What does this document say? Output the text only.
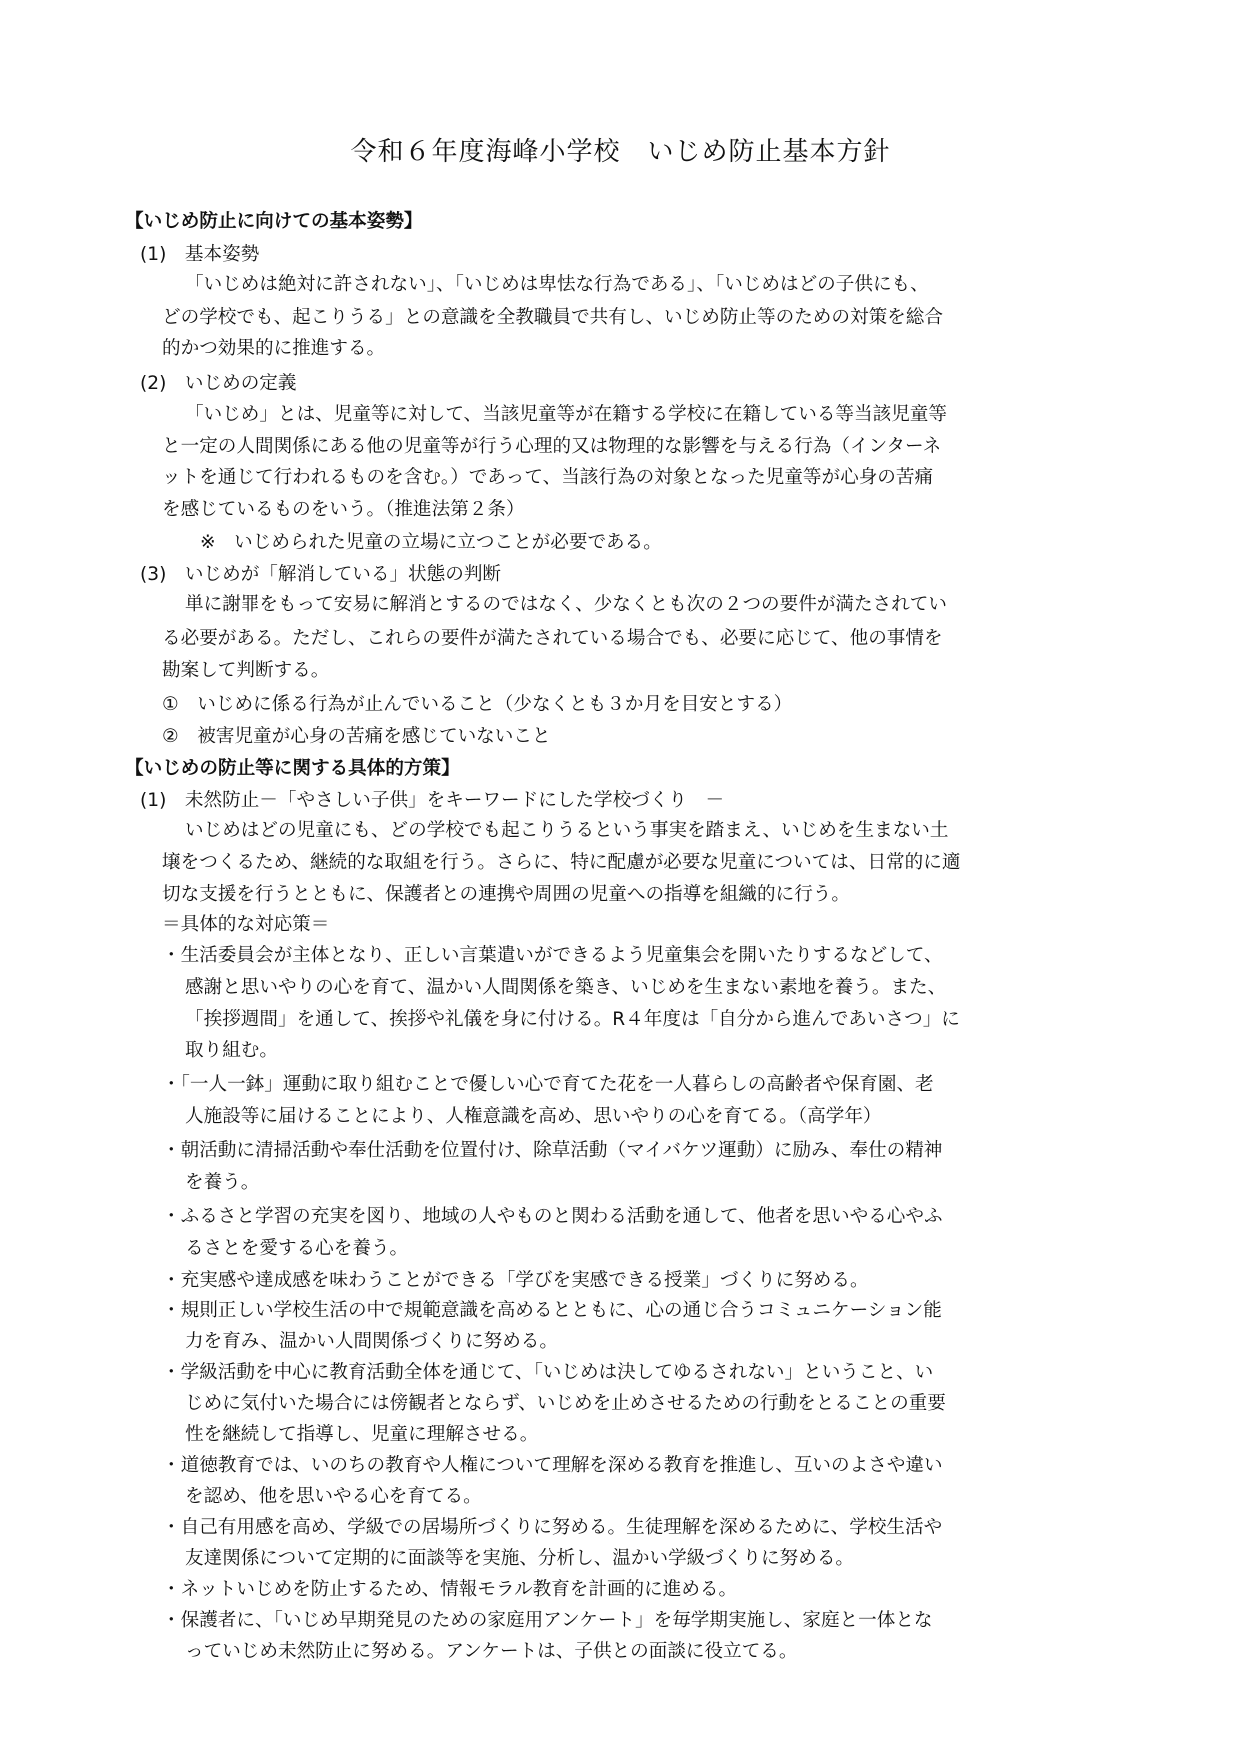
令和６年度海峰小学校　いじめ防止基本方針
【いじめ防止に向けての基本姿勢】
(1)　基本姿勢
「いじめは絶対に許されない」、「いじめは卑怯な行為である」、「いじめはどの子供にも、
どの学校でも、起こりうる」との意識を全教職員で共有し、いじめ防止等のための対策を総合
的かつ効果的に推進する。
(2)　いじめの定義
「いじめ」とは、児童等に対して、当該児童等が在籍する学校に在籍している等当該児童等
と一定の人間関係にある他の児童等が行う心理的又は物理的な影響を与える行為（インターネ
ットを通じて行われるものを含む。）であって、当該行為の対象となった児童等が心身の苦痛
を感じているものをいう。（推進法第２条）
※　いじめられた児童の立場に立つことが必要である。
(3)　いじめが「解消している」状態の判断
単に謝罪をもって安易に解消とするのではなく、少なくとも次の２つの要件が満たされてい
る必要がある。ただし、これらの要件が満たされている場合でも、必要に応じて、他の事情を
勘案して判断する。
①　いじめに係る行為が止んでいること（少なくとも３か月を目安とする）
②　被害児童が心身の苦痛を感じていないこと
【いじめの防止等に関する具体的方策】
(1)　未然防止－「やさしい子供」をキーワードにした学校づくり　－
いじめはどの児童にも、どの学校でも起こりうるという事実を踏まえ、いじめを生まない土
壌をつくるため、継続的な取組を行う。さらに、特に配慮が必要な児童については、日常的に適
切な支援を行うとともに、保護者との連携や周囲の児童への指導を組織的に行う。
＝具体的な対応策＝
・生活委員会が主体となり、正しい言葉遣いができるよう児童集会を開いたりするなどして、
感謝と思いやりの心を育て、温かい人間関係を築き、いじめを生まない素地を養う。また、
「挨拶週間」を通して、挨拶や礼儀を身に付ける。R４年度は「自分から進んであいさつ」に
取り組む。
・「一人一鉢」運動に取り組むことで優しい心で育てた花を一人暮らしの高齢者や保育園、老
人施設等に届けることにより、人権意識を高め、思いやりの心を育てる。（高学年）
・朝活動に清掃活動や奉仕活動を位置付け、除草活動（マイバケツ運動）に励み、奉仕の精神
を養う。
・ふるさと学習の充実を図り、地域の人やものと関わる活動を通して、他者を思いやる心やふ
るさとを愛する心を養う。
・充実感や達成感を味わうことができる「学びを実感できる授業」づくりに努める。
・規則正しい学校生活の中で規範意識を高めるとともに、心の通じ合うコミュニケーション能
力を育み、温かい人間関係づくりに努める。
・学級活動を中心に教育活動全体を通じて、「いじめは決してゆるされない」ということ、い
じめに気付いた場合には傍観者とならず、いじめを止めさせるための行動をとることの重要
性を継続して指導し、児童に理解させる。
・道徳教育では、いのちの教育や人権について理解を深める教育を推進し、互いのよさや違い
を認め、他を思いやる心を育てる。
・自己有用感を高め、学級での居場所づくりに努める。生徒理解を深めるために、学校生活や
友達関係について定期的に面談等を実施、分析し、温かい学級づくりに努める。
・ネットいじめを防止するため、情報モラル教育を計画的に進める。
・保護者に、「いじめ早期発見のための家庭用アンケート」を毎学期実施し、家庭と一体とな
っていじめ未然防止に努める。アンケートは、子供との面談に役立てる。
